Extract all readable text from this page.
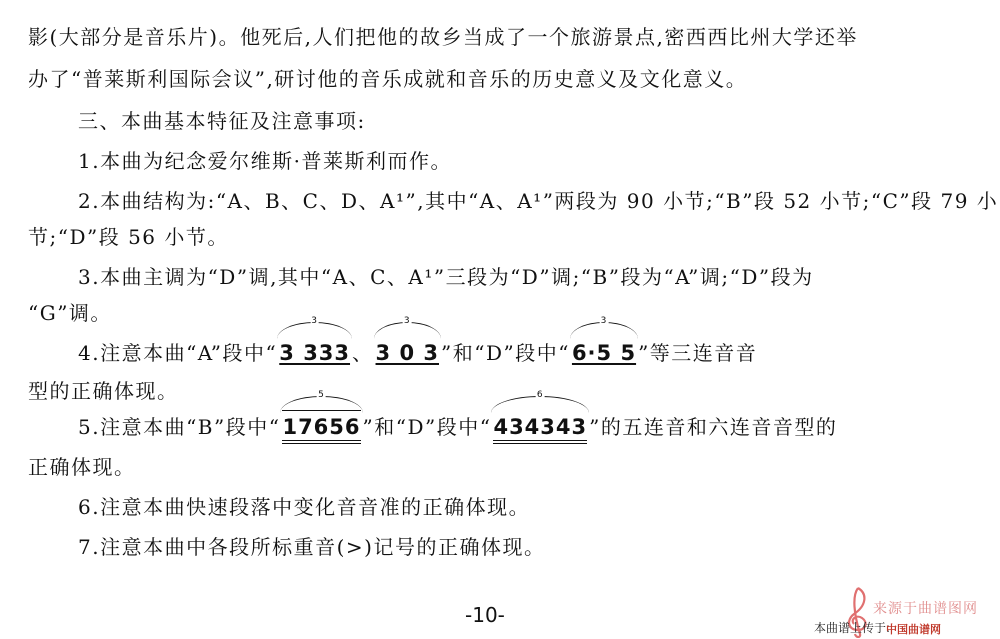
影(大部分是音乐片)。他死后,人们把他的故乡当成了一个旅游景点,密西西比州大学还举
办了“普莱斯利国际会议”,研讨他的音乐成就和音乐的历史意义及文化意义。
三、本曲基本特征及注意事项:
1.本曲为纪念爱尔维斯·普莱斯利而作。
2.本曲结构为:“A、B、C、D、A¹”,其中“A、A¹”两段为 90 小节;“B”段 52 小节;“C”段 79 小
节;“D”段 56 小节。
3.本曲主调为“D”调,其中“A、C、A¹”三段为“D”调;“B”段为“A”调;“D”段为
“G”调。
4.注意本曲“A”段中“
3
3 333 、
3
3 0 3 ”和“D”段中“
3
6·5 5 ”等三连音音
型的正确体现。
5.注意本曲“B”段中“
5
17656 ”和“D”段中“
6
434343 ”的五连音和六连音音型的
正确体现。
6.注意本曲快速段落中变化音音准的正确体现。
7.注意本曲中各段所标重音(>)记号的正确体现。
-10-	来源于曲谱图网
本曲谱上传于:
中国曲谱网
